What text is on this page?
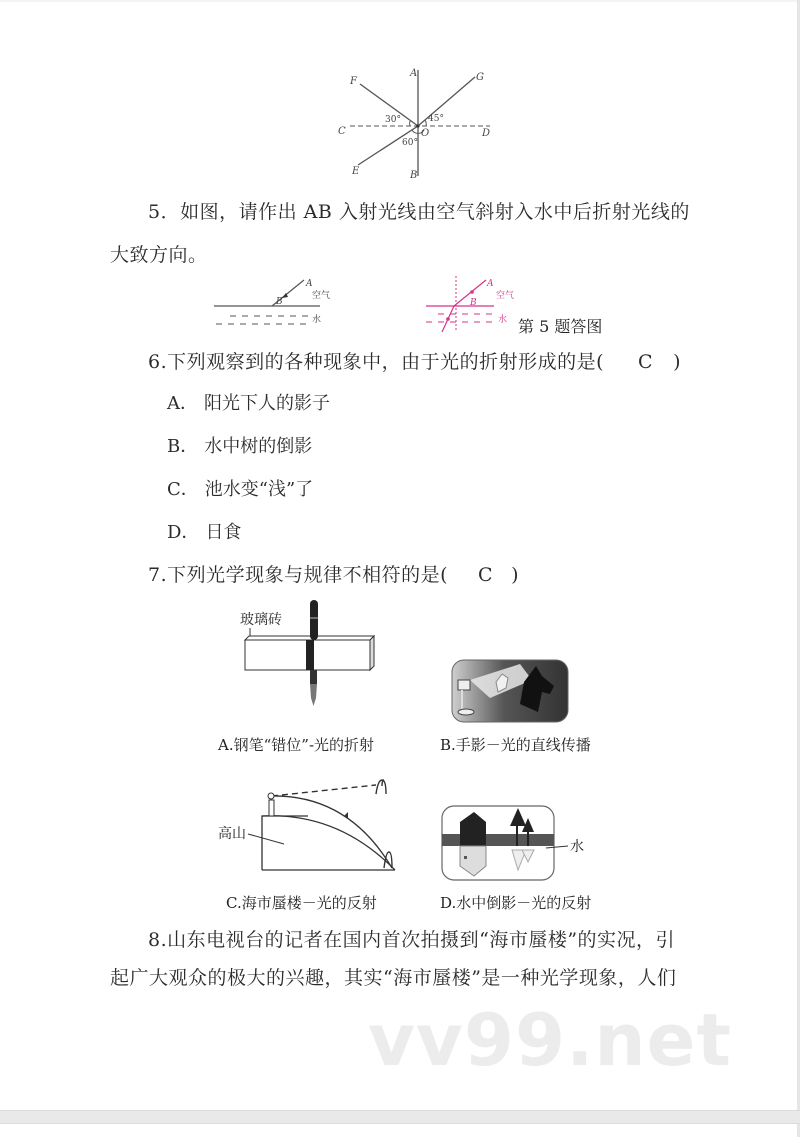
A
F	G
C	D
O
E	B
30°	45°
60°
5．如图，请作出 AB 入射光线由空气斜射入水中后折射光线的
大致方向。
A
B
空气
水
A
B
空气
水 第 5 题答图
6.下列观察到的各种现象中，由于光的折射形成的是( C )
A． 阳光下人的影子
B． 水中树的倒影
C． 池水变“浅”了
D． 日食
7.下列光学现象与规律不相符的是( C )
玻璃砖
A.钢笔“错位”-光的折射	B.手影－光的直线传播
高山
水
C.海市蜃楼－光的反射	D.水中倒影－光的反射
8.山东电视台的记者在国内首次拍摄到“海市蜃楼”的实况，引
起广大观众的极大的兴趣，其实“海市蜃楼”是一种光学现象，人们
vv99.net
